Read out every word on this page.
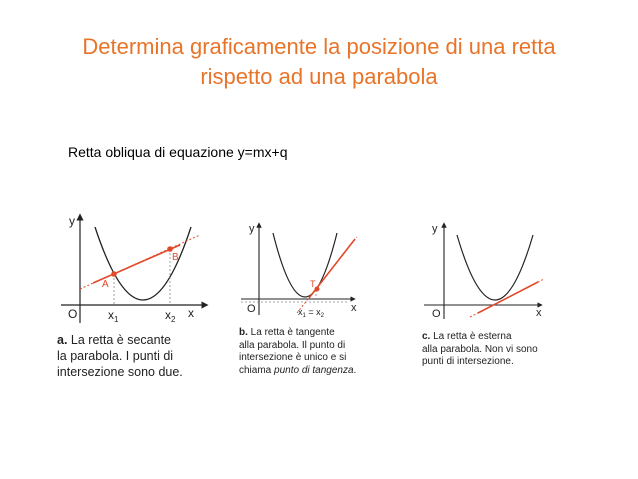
Determina graficamente la posizione di una retta
rispetto ad una parabola
Retta obliqua di equazione y=mx+q
A
B
y
x
O	$x_1$	$x_2$
a. La retta è secante
la parabola. I punti di
intersezione sono due.
T
y
x
O	$x_1 = x_2$
b. La retta è tangente
alla parabola. Il punto di
intersezione è unico e si
chiama punto di tangenza.
y
x
O
c. La retta è esterna
alla parabola. Non vi sono
punti di intersezione.
